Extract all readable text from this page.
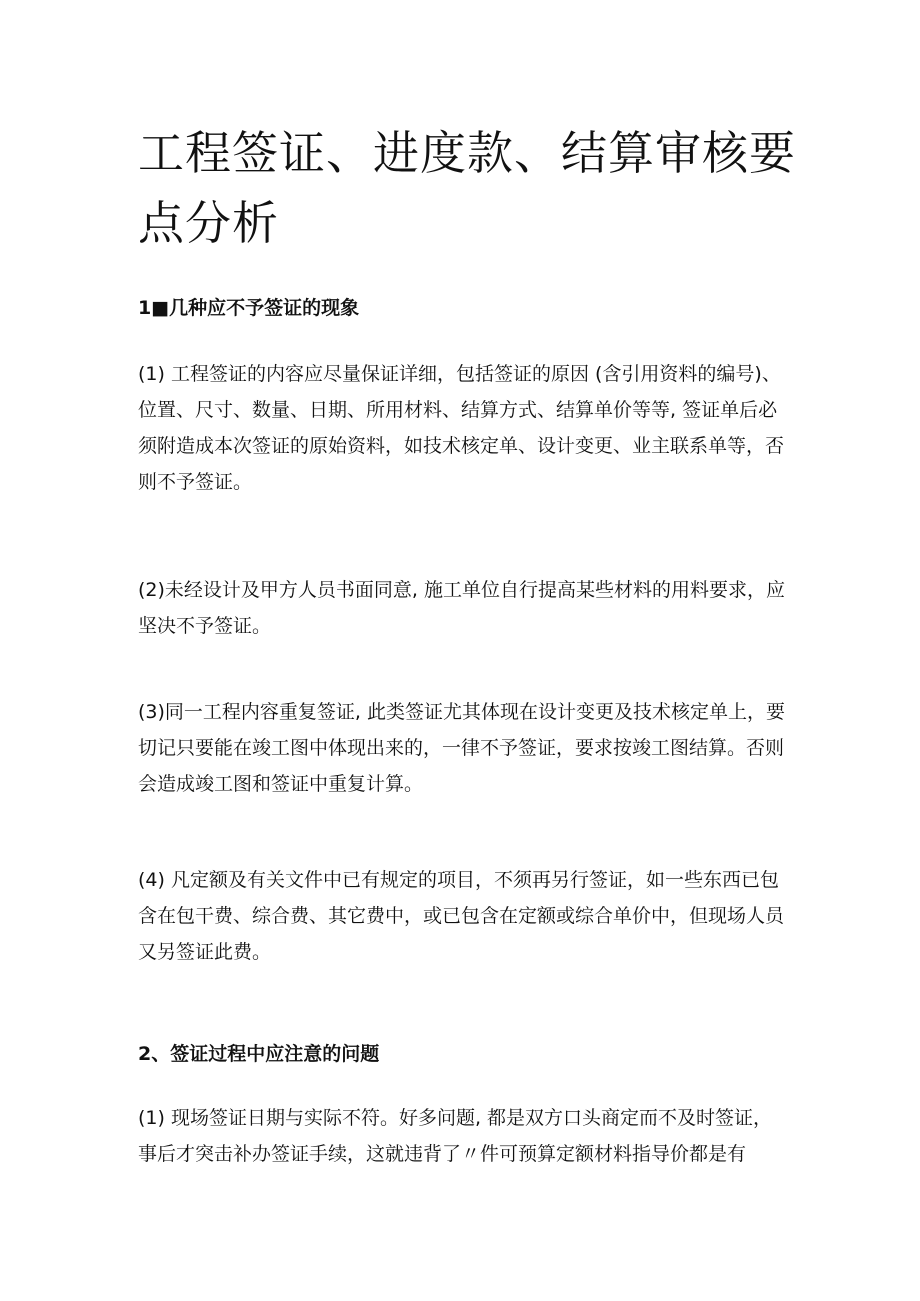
工程签证、进度款、结算审核要点分析
1■几种应不予签证的现象

(1) 工程签证的内容应尽量保证详细，包括签证的原因 (含引用资料的编号)、位置、尺寸、数量、日期、所用材料、结算方式、结算单价等等, 签证单后必须附造成本次签证的原始资料，如技术核定单、设计变更、业主联系单等，否则不予签证。

(2)未经设计及甲方人员书面同意, 施工单位自行提高某些材料的用料要求，应坚决不予签证。

(3)同一工程内容重复签证, 此类签证尤其体现在设计变更及技术核定单上，要切记只要能在竣工图中体现出来的，一律不予签证，要求按竣工图结算。否则会造成竣工图和签证中重复计算。

(4) 凡定额及有关文件中已有规定的项目，不须再另行签证，如一些东西已包含在包干费、综合费、其它费中，或已包含在定额或综合单价中，但现场人员又另签证此费。

2、签证过程中应注意的问题

(1) 现场签证日期与实际不符。好多问题, 都是双方口头商定而不及时签证，事后才突击补办签证手续，这就违背了〃件可预算定额材料指导价都是有
